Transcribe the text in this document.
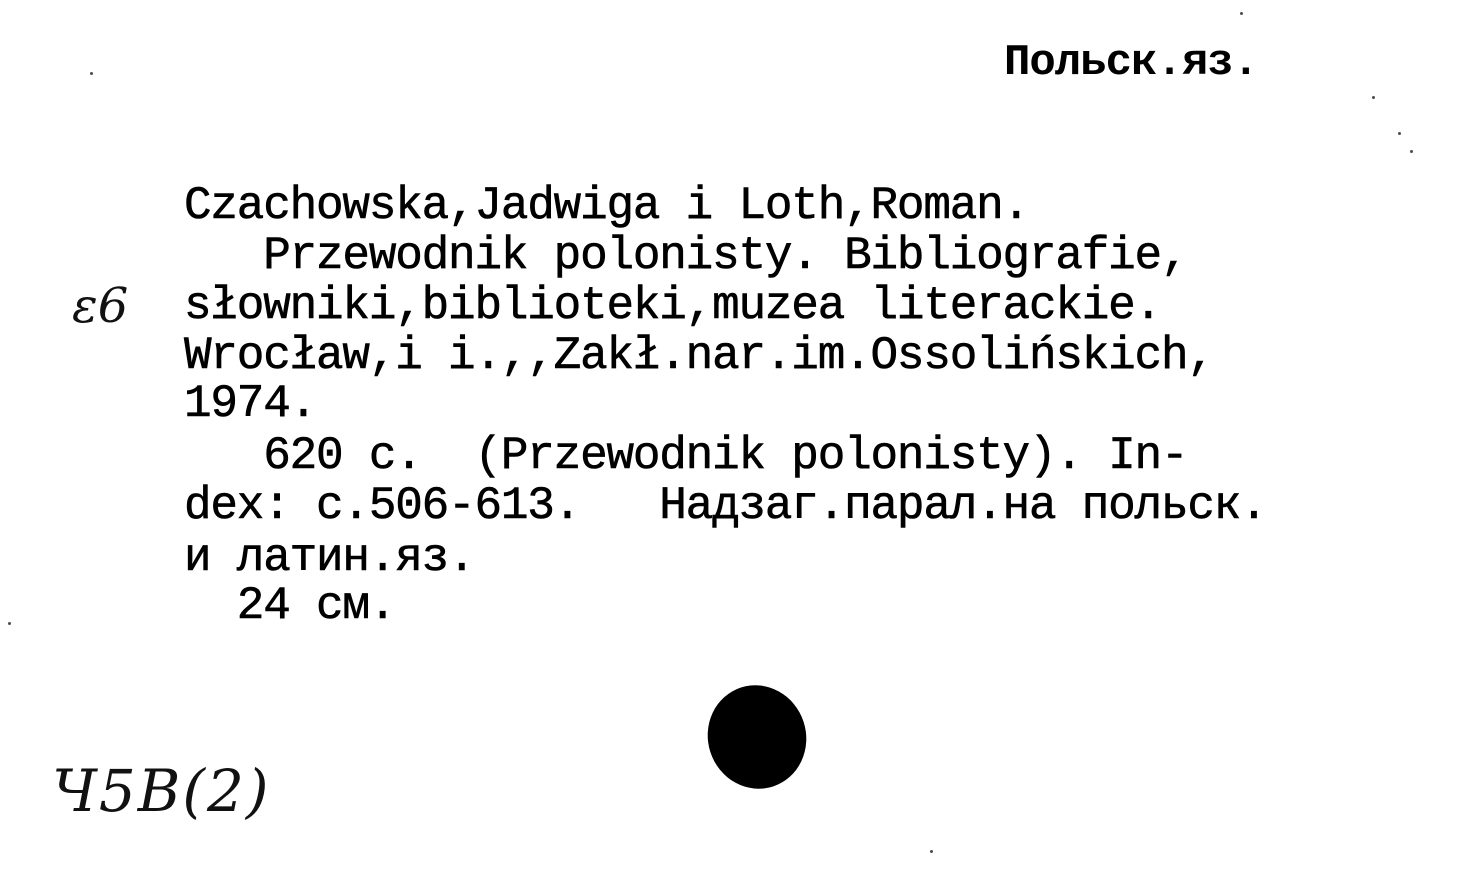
Польск.яз.
Czachowska,Jadwiga i Loth,Roman.
Przewodnik polonisty. Bibliografie,
słowniki,biblioteki,muzea literackie.
Wrocław,i i.,,Zakł.nar.im.Ossolińskich,
1974.
620 c.  (Przewodnik polonisty). In-
dex: c.506-613.   Надзаг.парал.на польск.
и латин.яз.
24 см.
ε6
Ч5В(2)
